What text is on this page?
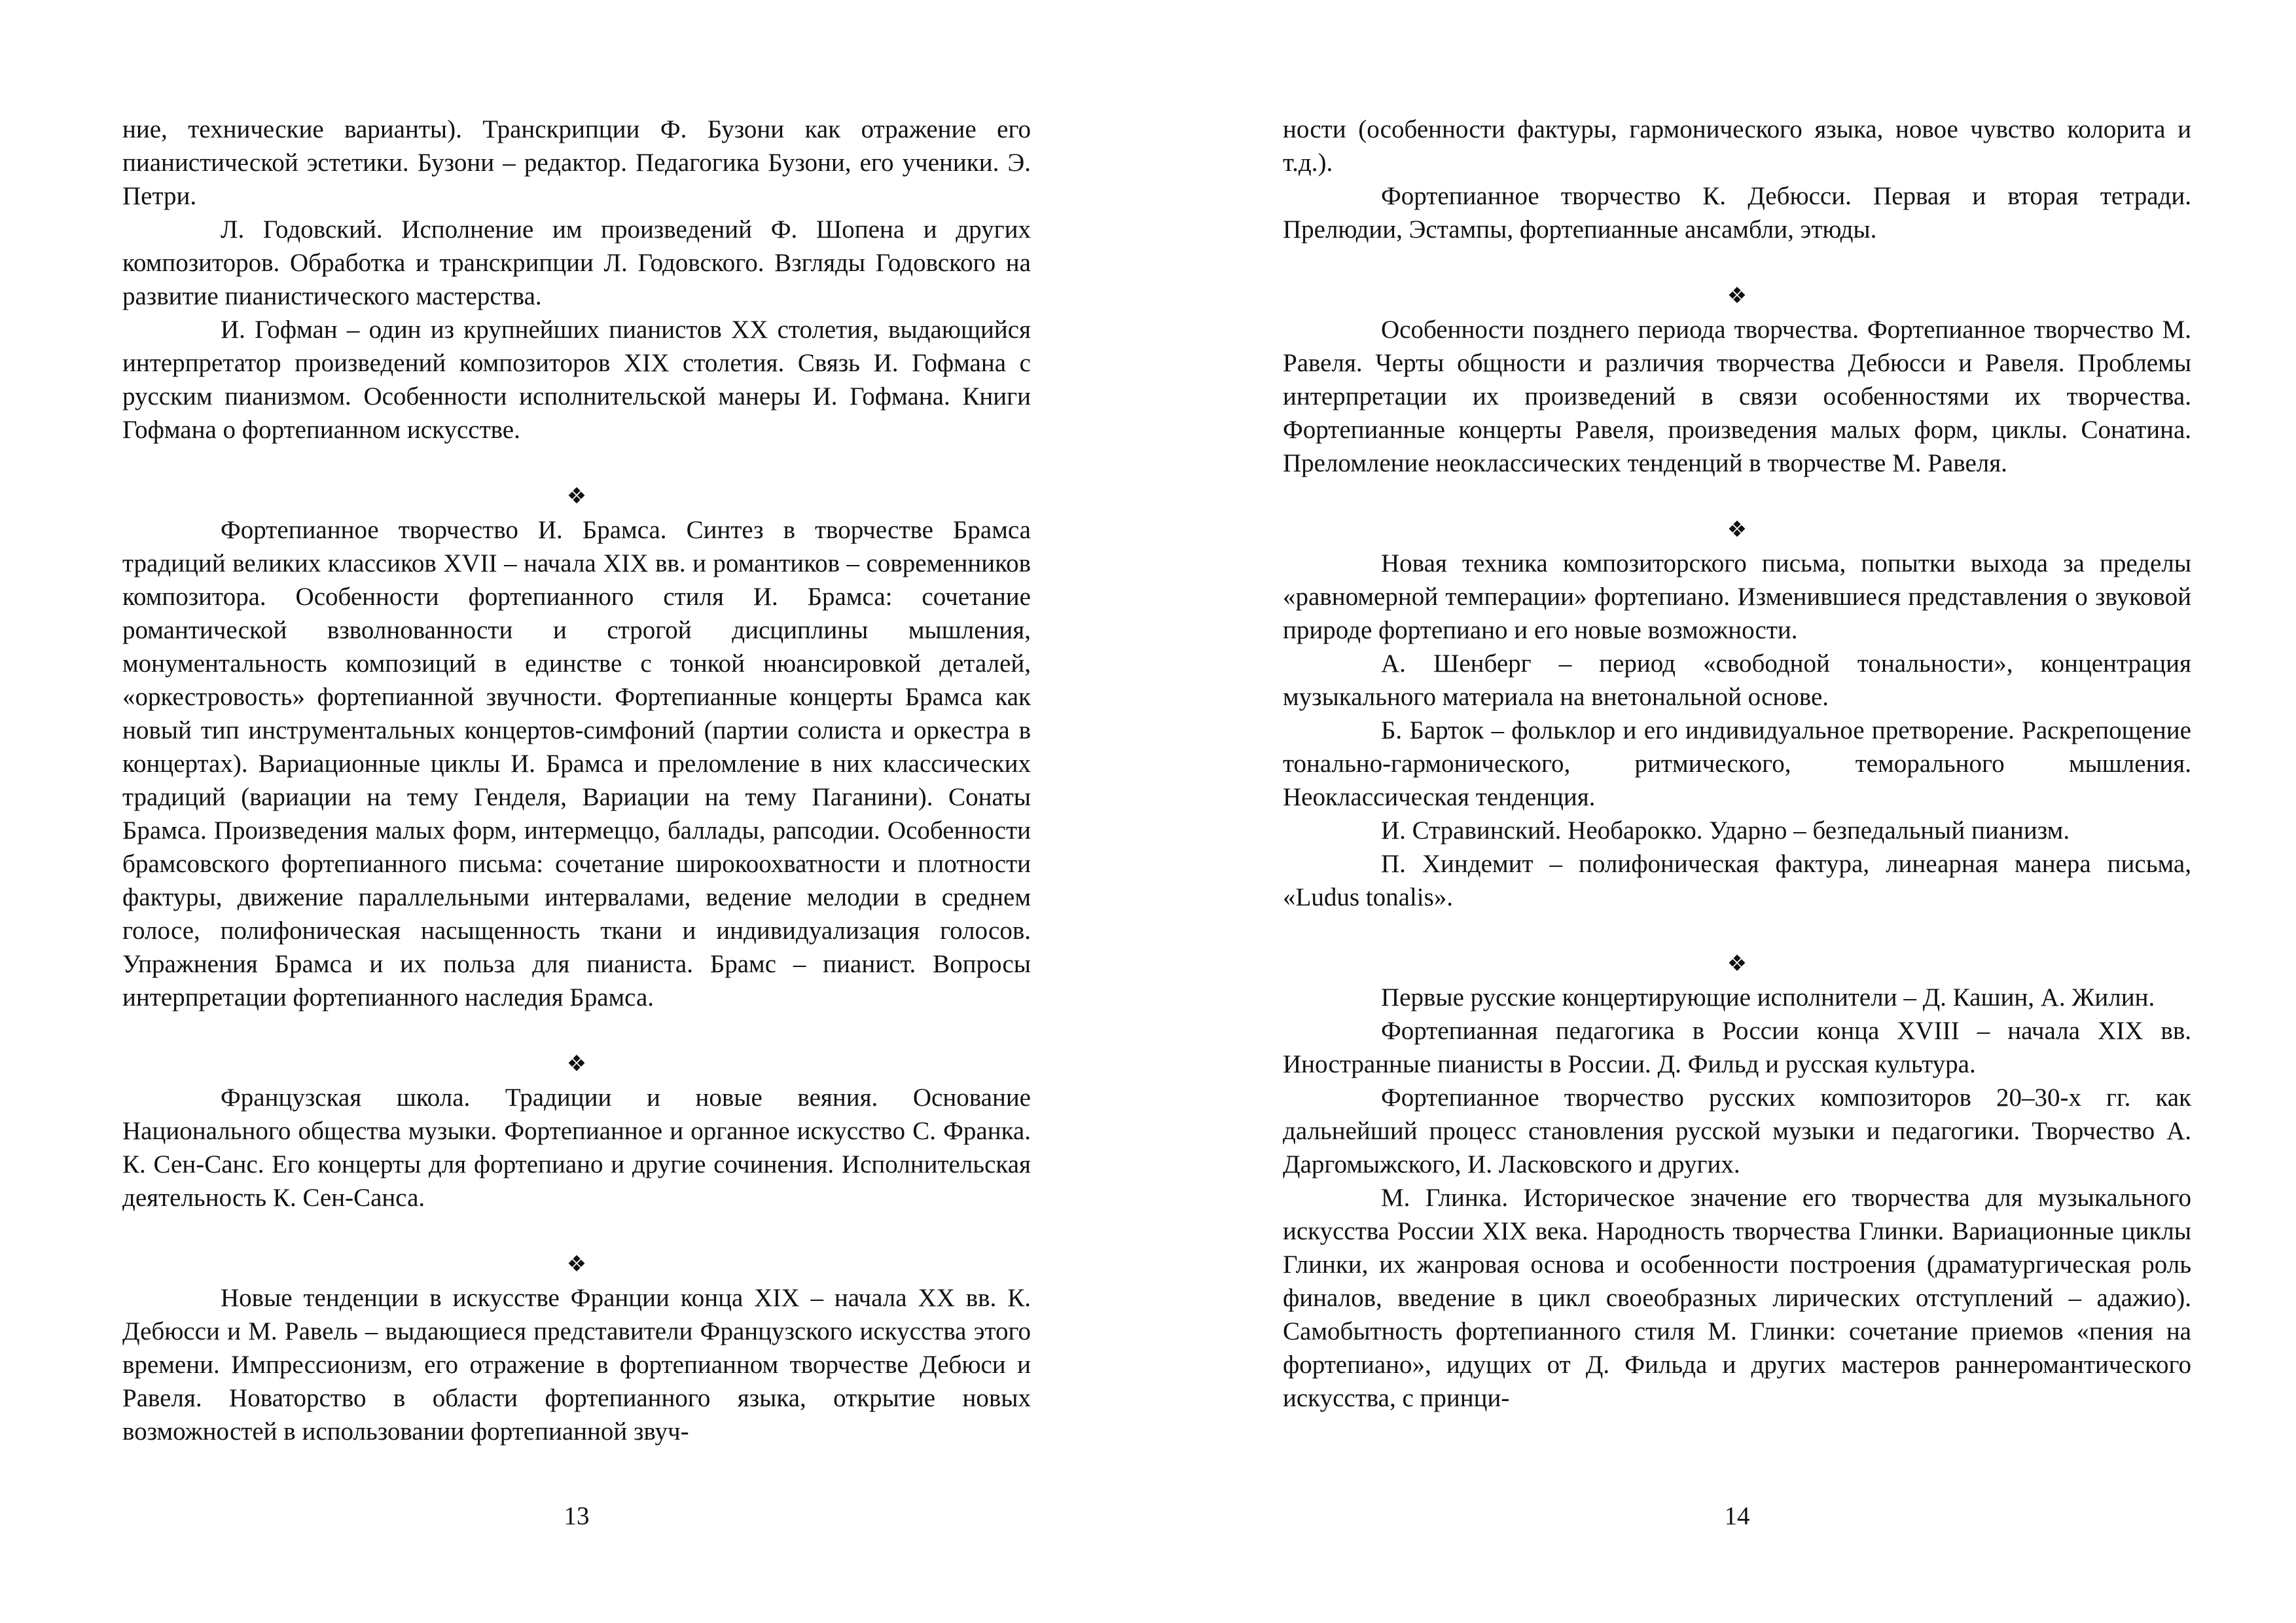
ние, технические варианты). Транскрипции Ф. Бузони как отражение его пианистической эстетики. Бузони – редактор. Педагогика Бузони, его ученики. Э. Петри.

Л. Годовский. Исполнение им произведений Ф. Шопена и других композиторов. Обработка и транскрипции Л. Годовского. Взгляды Годовского на развитие пианистического мастерства.

И. Гофман – один из крупнейших пианистов XX столетия, выдающийся интерпретатор произведений композиторов XIX столетия. Связь И. Гофмана с русским пианизмом. Особенности исполнительской манеры И. Гофмана. Книги Гофмана о фортепианном искусстве.

❖

Фортепианное творчество И. Брамса. Синтез в творчестве Брамса традиций великих классиков XVII – начала XIX вв. и романтиков – современников композитора. Особенности фортепианного стиля И. Брамса: сочетание романтической взволнованности и строгой дисциплины мышления, монументальность композиций в единстве с тонкой нюансировкой деталей, «оркестровость» фортепианной звучности. Фортепианные концерты Брамса как новый тип инструментальных концертов-симфоний (партии солиста и оркестра в концертах). Вариационные циклы И. Брамса и преломление в них классических традиций (вариации на тему Генделя, Вариации на тему Паганини). Сонаты Брамса. Произведения малых форм, интермеццо, баллады, рапсодии. Особенности брамсовского фортепианного письма: сочетание широкоохватности и плотности фактуры, движение параллельными интервалами, ведение мелодии в среднем голосе, полифоническая насыщенность ткани и индивидуализация голосов. Упражнения Брамса и их польза для пианиста. Брамс – пианист. Вопросы интерпретации фортепианного наследия Брамса.

❖

Французская школа. Традиции и новые веяния. Основание Национального общества музыки. Фортепианное и органное искусство С. Франка. К. Сен-Санс. Его концерты для фортепиано и другие сочинения. Исполнительская деятельность К. Сен-Санса.

❖

Новые тенденции в искусстве Франции конца XIX – начала XX вв. К. Дебюсси и М. Равель – выдающиеся представители Французского искусства этого времени. Импрессионизм, его отражение в фортепианном творчестве Дебюси и Равеля. Новаторство в области фортепианного языка, открытие новых возможностей в использовании фортепианной звуч-

13

ности (особенности фактуры, гармонического языка, новое чувство колорита и т.д.).

Фортепианное творчество К. Дебюсси. Первая и вторая тетради. Прелюдии, Эстампы, фортепианные ансамбли, этюды.

❖

Особенности позднего периода творчества. Фортепианное творчество М. Равеля. Черты общности и различия творчества Дебюсси и Равеля. Проблемы интерпретации их произведений в связи особенностями их творчества. Фортепианные концерты Равеля, произведения малых форм, циклы. Сонатина. Преломление неоклассических тенденций в творчестве М. Равеля.

❖

Новая техника композиторского письма, попытки выхода за пределы «равномерной темперации» фортепиано. Изменившиеся представления о звуковой природе фортепиано и его новые возможности.

А. Шенберг – период «свободной тональности», концентрация музыкального материала на внетональной основе.

Б. Барток – фольклор и его индивидуальное претворение. Раскрепощение тонально-гармонического, ритмического, теморального мышления. Неоклассическая тенденция.

И. Стравинский. Необарокко. Ударно – безпедальный пианизм.

П. Хиндемит – полифоническая фактура, линеарная манера письма, «Ludus tonalis».

❖

Первые русские концертирующие исполнители – Д. Кашин, А. Жилин.

Фортепианная педагогика в России конца XVIII – начала XIX вв. Иностранные пианисты в России. Д. Фильд и русская культура.

Фортепианное творчество русских композиторов 20–30-х гг. как дальнейший процесс становления русской музыки и педагогики. Творчество А. Даргомыжского, И. Ласковского и других.

М. Глинка. Историческое значение его творчества для музыкального искусства России XIX века. Народность творчества Глинки. Вариационные циклы Глинки, их жанровая основа и особенности построения (драматургическая роль финалов, введение в цикл своеобразных лирических отступлений – адажио). Самобытность фортепианного стиля М. Глинки: сочетание приемов «пения на фортепиано», идущих от Д. Фильда и других мастеров раннеромантического искусства, с принци-

14
